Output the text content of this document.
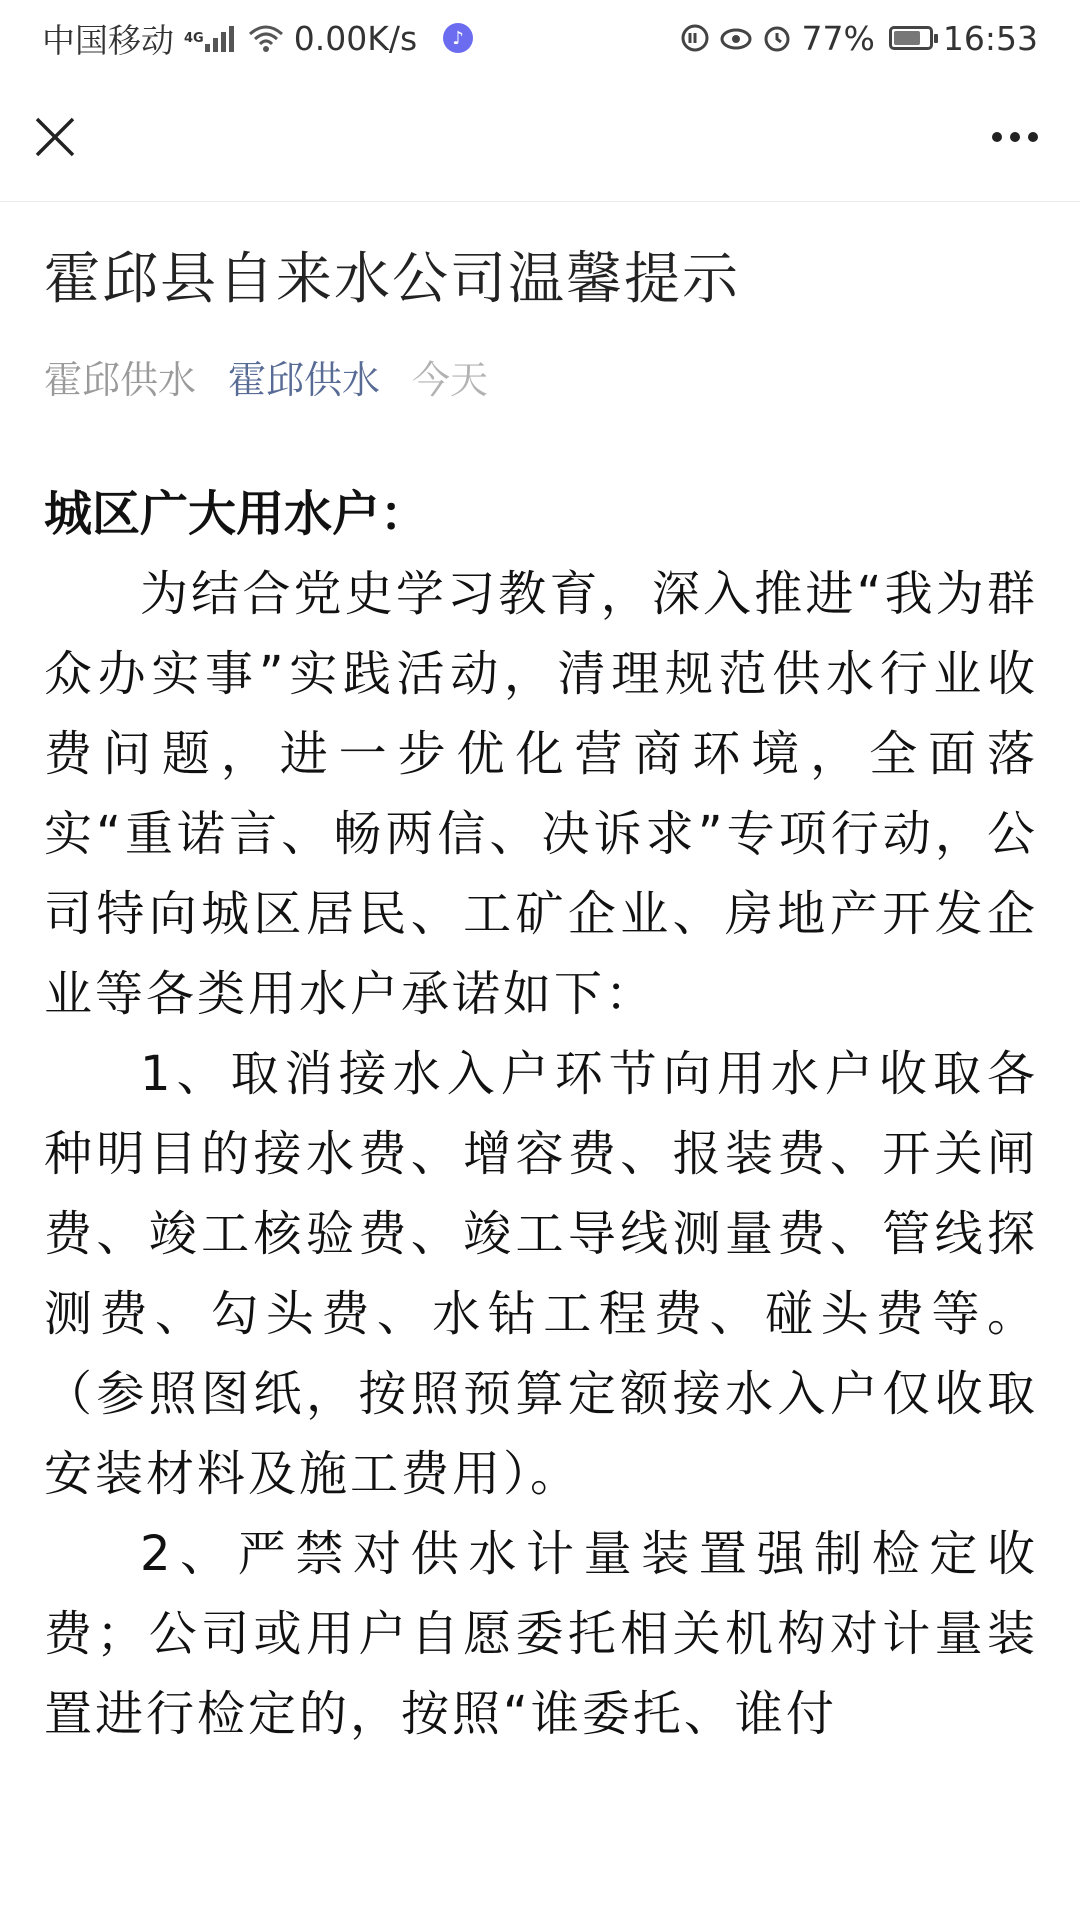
中国移动 4G	0.00K/s	♪	77% 16:53
霍邱县自来水公司温馨提示
霍邱供水 霍邱供水 今天

城区广大用水户：

为结合党史学习教育，深入推进“我为群众办实事”实践活动，清理规范供水行业收费问题，进一步优化营商环境，全面落实“重诺言、畅两信、决诉求”专项行动，公司特向城区居民、工矿企业、房地产开发企业等各类用水户承诺如下：

1、取消接水入户环节向用水户收取各种明目的接水费、增容费、报装费、开关闸费、竣工核验费、竣工导线测量费、管线探测费、勾头费、水钻工程费、碰头费等。（参照图纸，按照预算定额接水入户仅收取安装材料及施工费用）。

2、严禁对供水计量装置强制检定收费；公司或用户自愿委托相关机构对计量装置进行检定的，按照“谁委托、谁付
